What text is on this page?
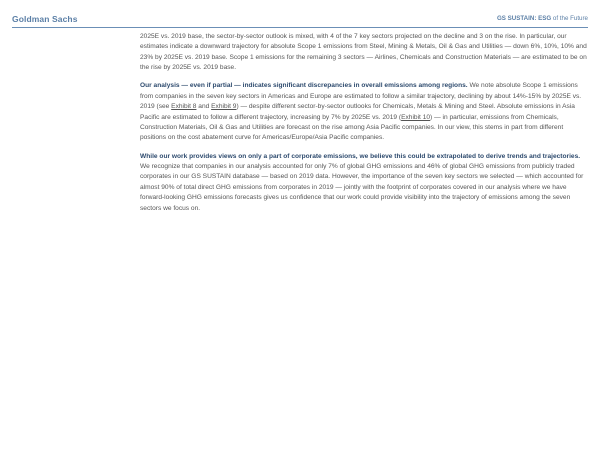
Goldman Sachs	GS SUSTAIN: ESG of the Future

2025E vs. 2019 base, the sector-by-sector outlook is mixed, with 4 of the 7 key sectors projected on the decline and 3 on the rise. In particular, our estimates indicate a downward trajectory for absolute Scope 1 emissions from Steel, Mining & Metals, Oil & Gas and Utilities — down 6%, 10%, 10% and 23% by 2025E vs. 2019 base. Scope 1 emissions for the remaining 3 sectors — Airlines, Chemicals and Construction Materials — are estimated to be on the rise by 2025E vs. 2019 base.

Our analysis — even if partial — indicates significant discrepancies in overall emissions among regions. We note absolute Scope 1 emissions from companies in the seven key sectors in Americas and Europe are estimated to follow a similar trajectory, declining by about 14%-15% by 2025E vs. 2019 (see Exhibit 8 and Exhibit 9) — despite different sector-by-sector outlooks for Chemicals, Metals & Mining and Steel. Absolute emissions in Asia Pacific are estimated to follow a different trajectory, increasing by 7% by 2025E vs. 2019 (Exhibit 10) — in particular, emissions from Chemicals, Construction Materials, Oil & Gas and Utilities are forecast on the rise among Asia Pacific companies. In our view, this stems in part from different positions on the cost abatement curve for Americas/Europe/Asia Pacific companies.

While our work provides views on only a part of corporate emissions, we believe this could be extrapolated to derive trends and trajectories. We recognize that companies in our analysis accounted for only 7% of global GHG emissions and 46% of global GHG emissions from publicly traded corporates in our GS SUSTAIN database — based on 2019 data. However, the importance of the seven key sectors we selected — which accounted for almost 90% of total direct GHG emissions from corporates in 2019 — jointly with the footprint of corporates covered in our analysis where we have forward-looking GHG emissions forecasts gives us confidence that our work could provide visibility into the trajectory of emissions among the seven sectors we focus on.
